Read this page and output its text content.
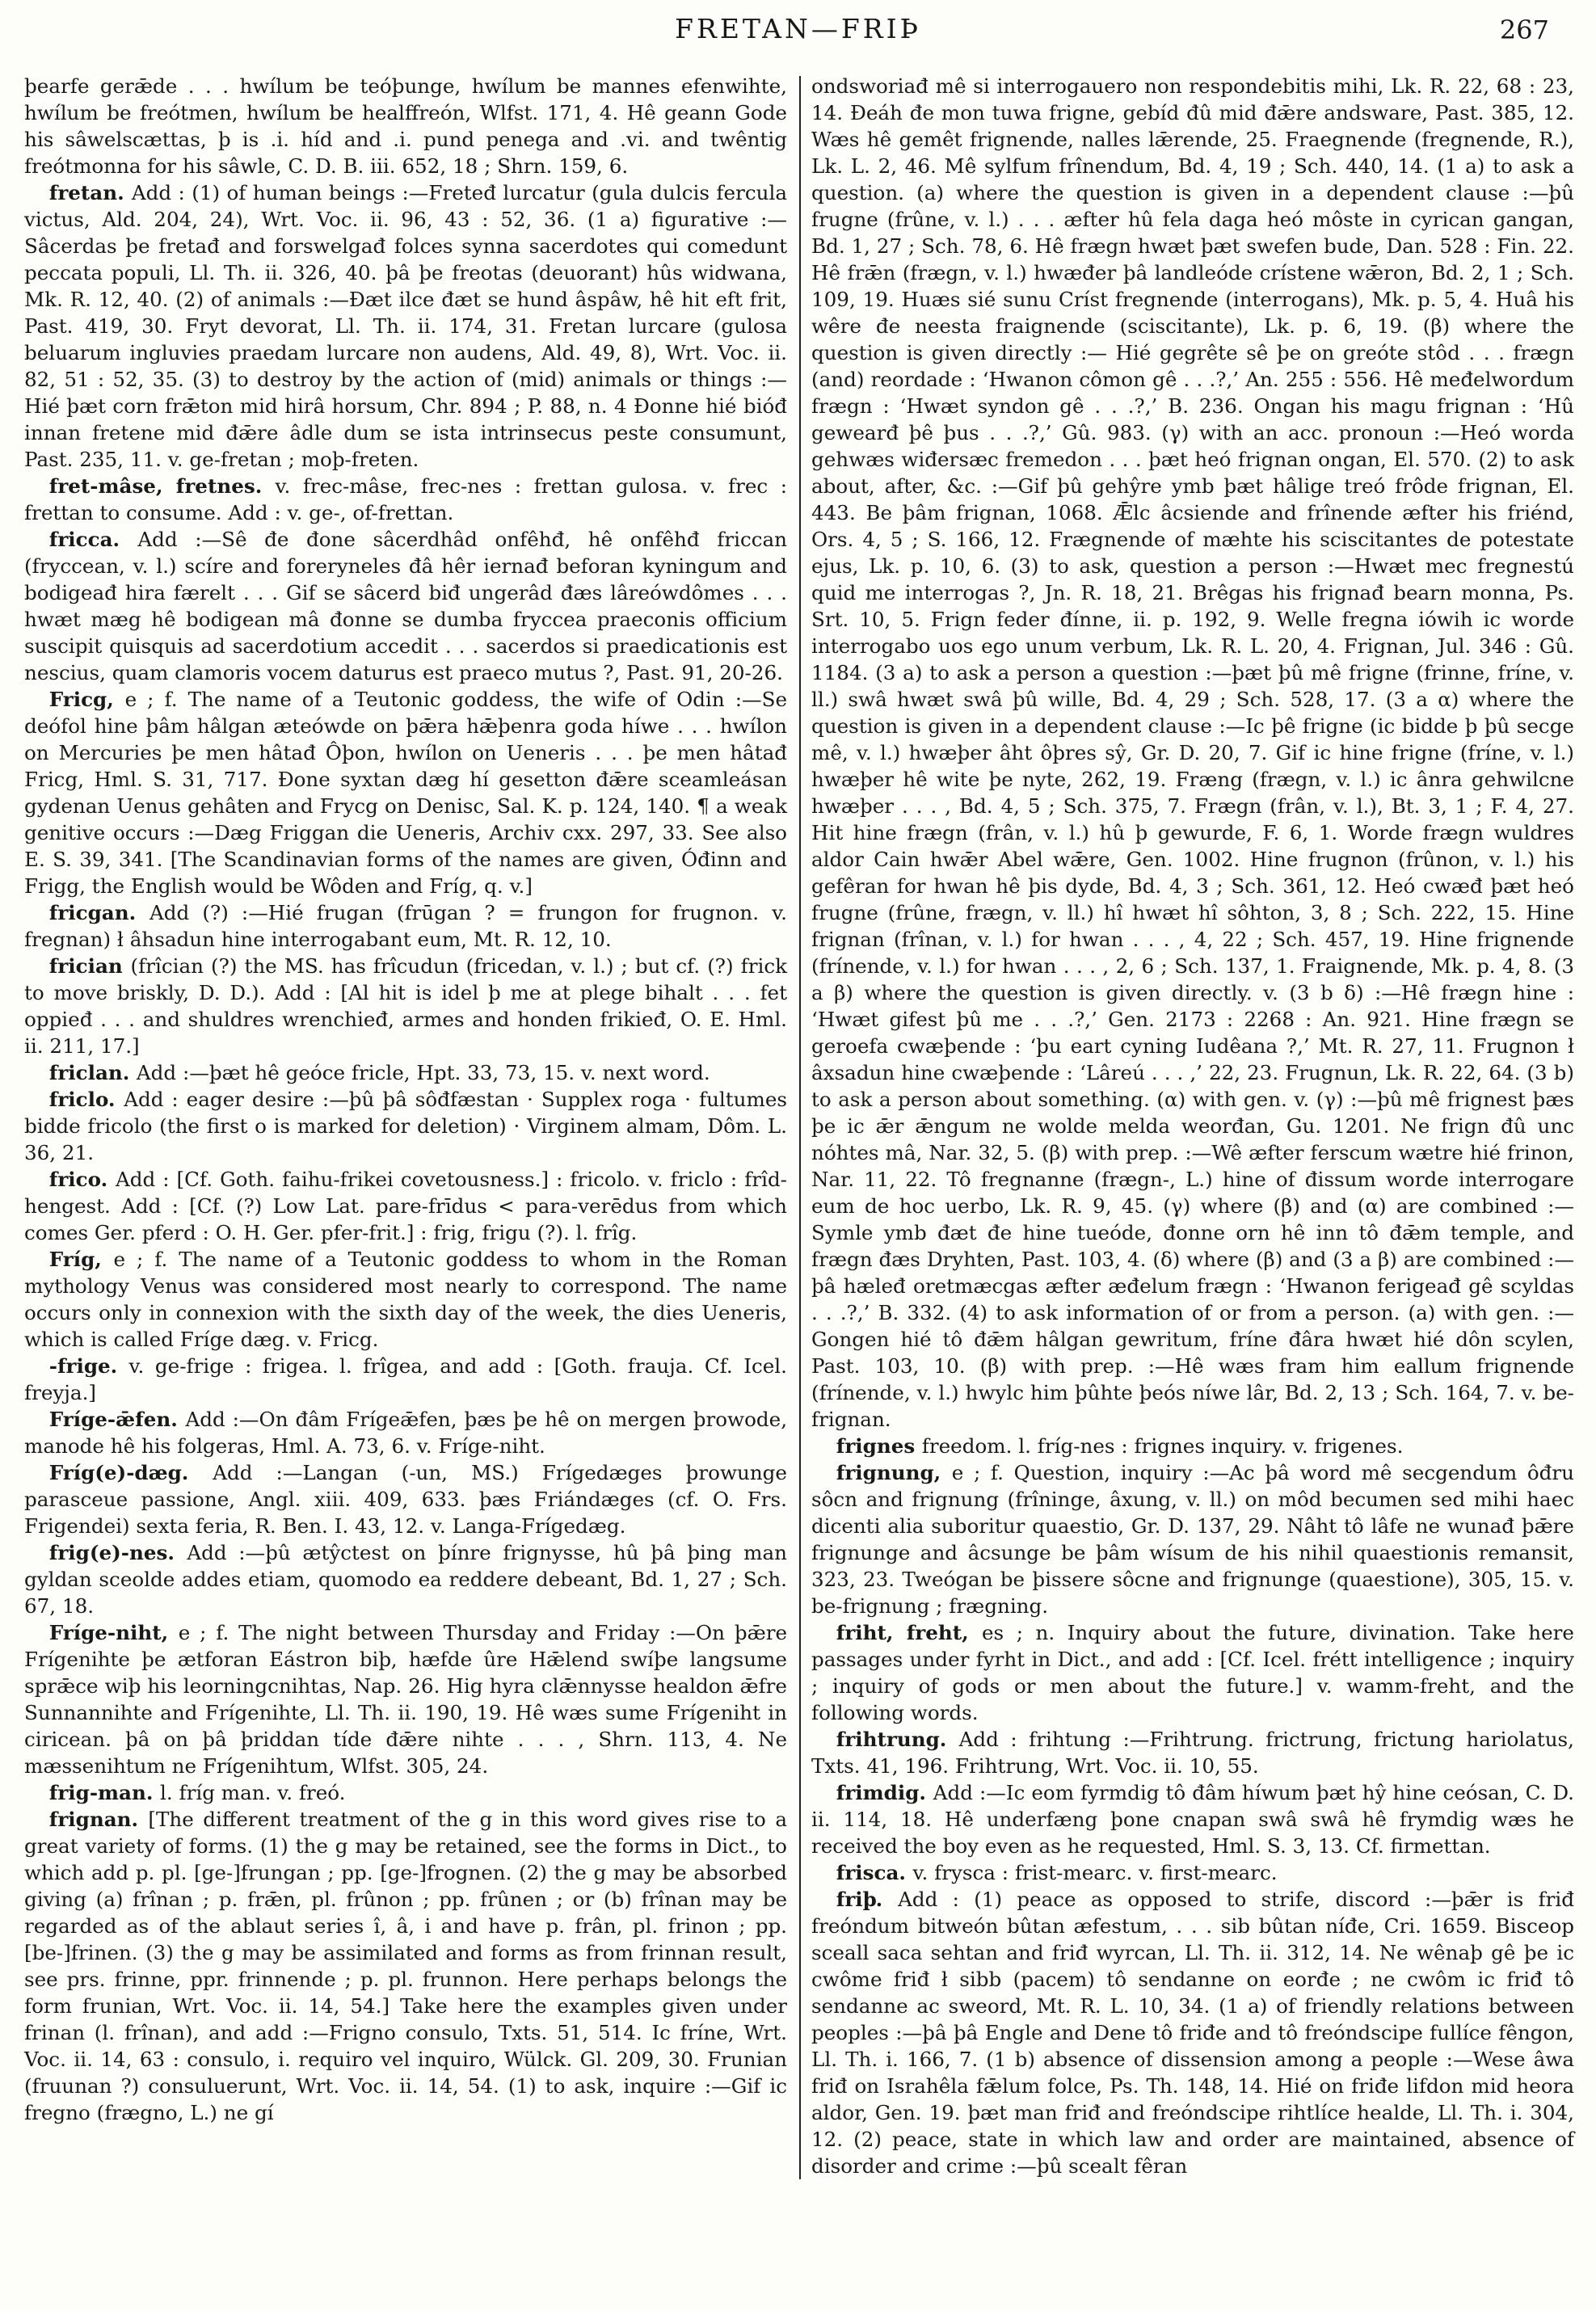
FRETAN—FRIÞ	267

þearfe gerǣde . . . hwílum be teóþunge, hwílum be mannes efenwihte, hwílum be freótmen, hwílum be healffreón, Wlfst. 171, 4. Hê geann Gode his sâwelscættas, þ is .i. híd and .i. pund penega and .vi. and twêntig freótmonna for his sâwle, C. D. B. iii. 652, 18 ; Shrn. 159, 6.

fretan. Add : (1) of human beings :—Freteđ lurcatur (gula dulcis fercula victus, Ald. 204, 24), Wrt. Voc. ii. 96, 43 : 52, 36. (1 a) figurative :—Sâcerdas þe fretađ and forswelgađ folces synna sacerdotes qui comedunt peccata populi, Ll. Th. ii. 326, 40. þâ þe freotas (deuorant) hûs widwana, Mk. R. 12, 40. (2) of animals :—Đæt ilce đæt se hund âspâw, hê hit eft frit, Past. 419, 30. Fryt devorat, Ll. Th. ii. 174, 31. Fretan lurcare (gulosa beluarum ingluvies praedam lurcare non audens, Ald. 49, 8), Wrt. Voc. ii. 82, 51 : 52, 35. (3) to destroy by the action of (mid) animals or things :—Hié þæt corn frǣton mid hirâ horsum, Chr. 894 ; P. 88, n. 4 Đonne hié bióđ innan fretene mid đǣre âdle dum se ista intrinsecus peste consumunt, Past. 235, 11. v. ge-fretan ; moþ-freten.

fret-mâse, fretnes. v. frec-mâse, frec-nes : frettan gulosa. v. frec : frettan to consume. Add : v. ge-, of-frettan.

fricca. Add :—Sê đe đone sâcerdhâd onfêhđ, hê onfêhđ friccan (fryccean, v. l.) scíre and foreryneles đâ hêr iernađ beforan kyningum and bodigeađ hira færelt . . . Gif se sâcerd biđ ungerâd đæs lâreówdômes . . . hwæt mæg hê bodigean mâ đonne se dumba fryccea praeconis officium suscipit quisquis ad sacerdotium accedit . . . sacerdos si praedicationis est nescius, quam clamoris vocem daturus est praeco mutus ?, Past. 91, 20-26.

Fricg, e ; f. The name of a Teutonic goddess, the wife of Odin :—Se deófol hine þâm hâlgan æteówde on þǣra hǣþenra goda híwe . . . hwílon on Mercuries þe men hâtađ Ôþon, hwílon on Ueneris . . . þe men hâtađ Fricg, Hml. S. 31, 717. Đone syxtan dæg hí gesetton đǣre sceamleásan gydenan Uenus gehâten and Frycg on Denisc, Sal. K. p. 124, 140. ¶ a weak genitive occurs :—Dæg Friggan die Ueneris, Archiv cxx. 297, 33. See also E. S. 39, 341. [The Scandinavian forms of the names are given, Óđinn and Frigg, the English would be Wôden and Fríg, q. v.]

fricgan. Add (?) :—Hié frugan (frūgan ? = frungon for frugnon. v. fregnan) ł âhsadun hine interrogabant eum, Mt. R. 12, 10.

frician (frîcian (?) the MS. has frîcudun (fricedan, v. l.) ; but cf. (?) frick to move briskly, D. D.). Add : [Al hit is idel þ me at plege bihalt . . . fet oppieđ . . . and shuldres wrenchieđ, armes and honden frikieđ, O. E. Hml. ii. 211, 17.]

friclan. Add :—þæt hê geóce fricle, Hpt. 33, 73, 15. v. next word.

friclo. Add : eager desire :—þû þâ sôđfæstan · Supplex roga · fultumes bidde fricolo (the first o is marked for deletion) · Virginem almam, Dôm. L. 36, 21.

frico. Add : [Cf. Goth. faihu-frikei covetousness.] : fricolo. v. friclo : frîd-hengest. Add : [Cf. (?) Low Lat. pare-frīdus < para-verēdus from which comes Ger. pferd : O. H. Ger. pfer-frit.] : frig, frigu (?). l. frîg.

Fríg, e ; f. The name of a Teutonic goddess to whom in the Roman mythology Venus was considered most nearly to correspond. The name occurs only in connexion with the sixth day of the week, the dies Ueneris, which is called Fríge dæg. v. Fricg.

-frige. v. ge-frige : frigea. l. frîgea, and add : [Goth. frauja. Cf. Icel. freyja.]

Fríge-ǣfen. Add :—On đâm Frígeǣfen, þæs þe hê on mergen þrowode, manode hê his folgeras, Hml. A. 73, 6. v. Fríge-niht.

Fríg(e)-dæg. Add :—Langan (-un, MS.) Frígedæges þrowunge parasceue passione, Angl. xiii. 409, 633. þæs Friándæges (cf. O. Frs. Frigendei) sexta feria, R. Ben. I. 43, 12. v. Langa-Frígedæg.

frig(e)-nes. Add :—þû ætŷctest on þínre frignysse, hû þâ þing man gyldan sceolde addes etiam, quomodo ea reddere debeant, Bd. 1, 27 ; Sch. 67, 18.

Fríge-niht, e ; f. The night between Thursday and Friday :—On þǣre Frígenihte þe ætforan Eástron biþ, hæfde ûre Hǣlend swíþe langsume sprǣce wiþ his leorningcnihtas, Nap. 26. Hig hyra clǣnnysse healdon ǣfre Sunnannihte and Frígenihte, Ll. Th. ii. 190, 19. Hê wæs sume Frígeniht in ciricean. þâ on þâ þriddan tíde đǣre nihte . . . , Shrn. 113, 4. Ne mæssenihtum ne Frígenihtum, Wlfst. 305, 24.

frig-man. l. fríg man. v. freó.

frignan. [The different treatment of the g in this word gives rise to a great variety of forms. (1) the g may be retained, see the forms in Dict., to which add p. pl. [ge-]frungan ; pp. [ge-]frognen. (2) the g may be absorbed giving (a) frînan ; p. frǣn, pl. frûnon ; pp. frûnen ; or (b) frînan may be regarded as of the ablaut series î, â, i and have p. frân, pl. frinon ; pp. [be-]frinen. (3) the g may be assimilated and forms as from frinnan result, see prs. frinne, ppr. frinnende ; p. pl. frunnon. Here perhaps belongs the form frunian, Wrt. Voc. ii. 14, 54.] Take here the examples given under frinan (l. frînan), and add :—Frigno consulo, Txts. 51, 514. Ic fríne, Wrt. Voc. ii. 14, 63 : consulo, i. requiro vel inquiro, Wülck. Gl. 209, 30. Frunian (fruunan ?) consuluerunt, Wrt. Voc. ii. 14, 54. (1) to ask, inquire :—Gif ic fregno (frægno, L.) ne gí

ondsworiađ mê si interrogauero non respondebitis mihi, Lk. R. 22, 68 : 23, 14. Đeáh đe mon tuwa frigne, gebíd đû mid đǣre andsware, Past. 385, 12. Wæs hê gemêt frignende, nalles lǣrende, 25. Fraegnende (fregnende, R.), Lk. L. 2, 46. Mê sylfum frînendum, Bd. 4, 19 ; Sch. 440, 14. (1 a) to ask a question. (a) where the question is given in a dependent clause :—þû frugne (frûne, v. l.) . . . æfter hû fela daga heó môste in cyrican gangan, Bd. 1, 27 ; Sch. 78, 6. Hê frægn hwæt þæt swefen bude, Dan. 528 : Fin. 22. Hê frǣn (frægn, v. l.) hwæđer þâ landleóde crístene wǣron, Bd. 2, 1 ; Sch. 109, 19. Huæs sié sunu Críst fregnende (interrogans), Mk. p. 5, 4. Huâ his wêre đe neesta fraignende (sciscitante), Lk. p. 6, 19. (β) where the question is given directly :— Hié gegrête sê þe on greóte stôd . . . frægn (and) reordade : ‘Hwanon cômon gê . . .?,’ An. 255 : 556. Hê međelwordum frægn : ‘Hwæt syndon gê . . .?,’ B. 236. Ongan his magu frignan : ‘Hû gewearđ þê þus . . .?,’ Gû. 983. (γ) with an acc. pronoun :—Heó worda gehwæs wiđersæc fremedon . . . þæt heó frignan ongan, El. 570. (2) to ask about, after, &c. :—Gif þû gehŷre ymb þæt hâlige treó frôde frignan, El. 443. Be þâm frignan, 1068. Ǣlc âcsiende and frînende æfter his friénd, Ors. 4, 5 ; S. 166, 12. Frægnende of mæhte his sciscitantes de potestate ejus, Lk. p. 10, 6. (3) to ask, question a person :—Hwæt mec fregnestú quid me interrogas ?, Jn. R. 18, 21. Brêgas his frignađ bearn monna, Ps. Srt. 10, 5. Frign feder đínne, ii. p. 192, 9. Welle fregna iówih ic worde interrogabo uos ego unum verbum, Lk. R. L. 20, 4. Frignan, Jul. 346 : Gû. 1184. (3 a) to ask a person a question :—þæt þû mê frigne (frinne, fríne, v. ll.) swâ hwæt swâ þû wille, Bd. 4, 29 ; Sch. 528, 17. (3 a α) where the question is given in a dependent clause :—Ic þê frigne (ic bidde þ þû secge mê, v. l.) hwæþer âht ôþres sŷ, Gr. D. 20, 7. Gif ic hine frigne (fríne, v. l.) hwæþer hê wite þe nyte, 262, 19. Fræng (frægn, v. l.) ic ânra gehwilcne hwæþer . . . , Bd. 4, 5 ; Sch. 375, 7. Frægn (frân, v. l.), Bt. 3, 1 ; F. 4, 27. Hit hine frægn (frân, v. l.) hû þ gewurde, F. 6, 1. Worde frægn wuldres aldor Cain hwǣr Abel wǣre, Gen. 1002. Hine frugnon (frûnon, v. l.) his gefêran for hwan hê þis dyde, Bd. 4, 3 ; Sch. 361, 12. Heó cwæđ þæt heó frugne (frûne, frægn, v. ll.) hî hwæt hî sôhton, 3, 8 ; Sch. 222, 15. Hine frignan (frînan, v. l.) for hwan . . . , 4, 22 ; Sch. 457, 19. Hine frignende (frínende, v. l.) for hwan . . . , 2, 6 ; Sch. 137, 1. Fraignende, Mk. p. 4, 8. (3 a β) where the question is given directly. v. (3 b δ) :—Hê frægn hine : ‘Hwæt gifest þû me . . .?,’ Gen. 2173 : 2268 : An. 921. Hine frægn se geroefa cwæþende : ‘þu eart cyning Iudêana ?,’ Mt. R. 27, 11. Frugnon ł âxsadun hine cwæþende : ‘Lâreú . . . ,’ 22, 23. Frugnun, Lk. R. 22, 64. (3 b) to ask a person about something. (α) with gen. v. (γ) :—þû mê frignest þæs þe ic ǣr ǣngum ne wolde melda weorđan, Gu. 1201. Ne frign đû unc nóhtes mâ, Nar. 32, 5. (β) with prep. :—Wê æfter ferscum wætre hié frinon, Nar. 11, 22. Tô fregnanne (frægn-, L.) hine of đissum worde interrogare eum de hoc uerbo, Lk. R. 9, 45. (γ) where (β) and (α) are combined :—Symle ymb đæt đe hine tueóde, đonne orn hê inn tô đǣm temple, and frægn đæs Dryhten, Past. 103, 4. (δ) where (β) and (3 a β) are combined :—þâ hæleđ oretmæcgas æfter æđelum frægn : ‘Hwanon ferigeađ gê scyldas . . .?,’ B. 332. (4) to ask information of or from a person. (a) with gen. :—Gongen hié tô đǣm hâlgan gewritum, fríne đâra hwæt hié dôn scylen, Past. 103, 10. (β) with prep. :—Hê wæs fram him eallum frignende (frínende, v. l.) hwylc him þûhte þeós níwe lâr, Bd. 2, 13 ; Sch. 164, 7. v. be-frignan.

frignes freedom. l. fríg-nes : frignes inquiry. v. frigenes.

frignung, e ; f. Question, inquiry :—Ac þâ word mê secgendum ôđru sôcn and frignung (frîninge, âxung, v. ll.) on môd becumen sed mihi haec dicenti alia suboritur quaestio, Gr. D. 137, 29. Nâht tô lâfe ne wunađ þǣre frignunge and âcsunge be þâm wísum de his nihil quaestionis remansit, 323, 23. Tweógan be þissere sôcne and frignunge (quaestione), 305, 15. v. be-frignung ; frægning.

friht, freht, es ; n. Inquiry about the future, divination. Take here passages under fyrht in Dict., and add : [Cf. Icel. frétt intelligence ; inquiry ; inquiry of gods or men about the future.] v. wamm-freht, and the following words.

frihtrung. Add : frihtung :—Frihtrung. frictrung, frictung hariolatus, Txts. 41, 196. Frihtrung, Wrt. Voc. ii. 10, 55.

frimdig. Add :—Ic eom fyrmdig tô đâm híwum þæt hŷ hine ceósan, C. D. ii. 114, 18. Hê underfæng þone cnapan swâ swâ hê frymdig wæs he received the boy even as he requested, Hml. S. 3, 13. Cf. firmettan.

frisca. v. frysca : frist-mearc. v. first-mearc.

friþ. Add : (1) peace as opposed to strife, discord :—þǣr is friđ freóndum bitweón bûtan æfestum, . . . sib bûtan níđe, Cri. 1659. Bisceop sceall saca sehtan and friđ wyrcan, Ll. Th. ii. 312, 14. Ne wênaþ gê þe ic cwôme friđ ł sibb (pacem) tô sendanne on eorđe ; ne cwôm ic friđ tô sendanne ac sweord, Mt. R. L. 10, 34. (1 a) of friendly relations between peoples :—þâ þâ Engle and Dene tô friđe and tô freóndscipe fullíce fêngon, Ll. Th. i. 166, 7. (1 b) absence of dissension among a people :—Wese âwa friđ on Israhêla fǣlum folce, Ps. Th. 148, 14. Hié on friđe lifdon mid heora aldor, Gen. 19. þæt man friđ and freóndscipe rihtlíce healde, Ll. Th. i. 304, 12. (2) peace, state in which law and order are maintained, absence of disorder and crime :—þû scealt fêran
